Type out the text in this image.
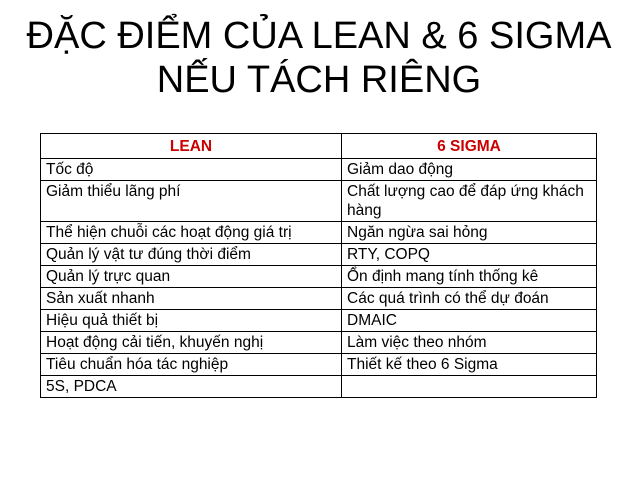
ĐẶC ĐIỂM CỦA LEAN & 6 SIGMA
NẾU TÁCH RIÊNG
LEAN	6 SIGMA

Tốc độ	Giảm dao động

Giảm thiểu lãng phí	Chất lượng cao để đáp ứng khách hàng

Thể hiện chuỗi các hoạt động giá trị	Ngăn ngừa sai hỏng

Quản lý vật tư đúng thời điểm	RTY, COPQ

Quản lý trực quan	Ổn định mang tính thống kê

Sản xuất nhanh	Các quá trình có thể dự đoán

Hiệu quả thiết bị	DMAIC

Hoạt động cải tiến, khuyến nghị	Làm việc theo nhóm

Tiêu chuẩn hóa tác nghiệp	Thiết kế theo 6 Sigma

5S, PDCA	
